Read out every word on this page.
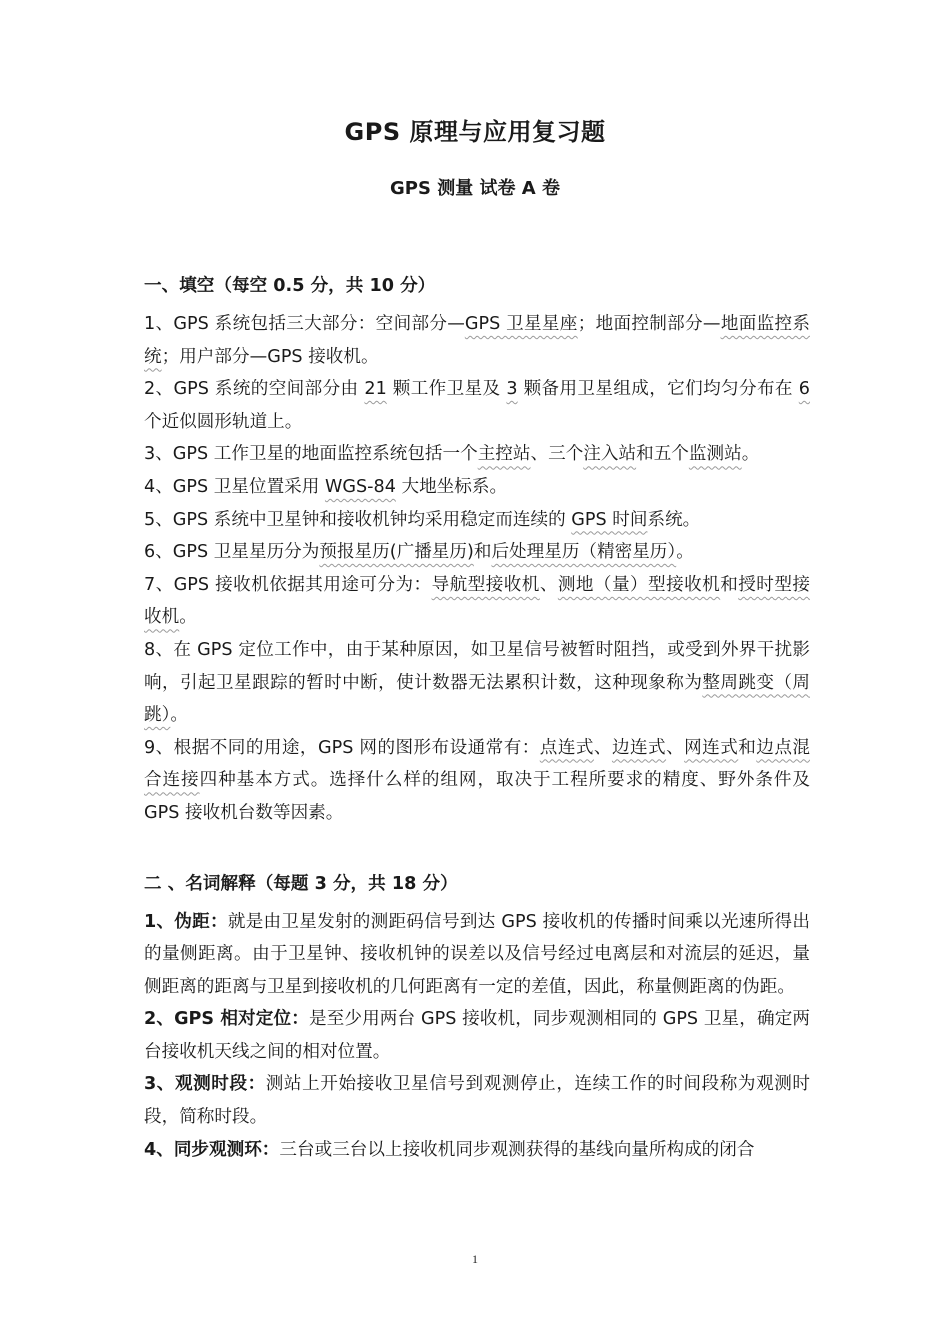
GPS 原理与应用复习题
GPS 测量 试卷 A 卷
一、填空（每空 0.5 分，共 10 分）

1、GPS 系统包括三大部分：空间部分—GPS 卫星星座；地面控制部分—地面监控系统；用户部分—GPS 接收机。

2、GPS 系统的空间部分由 21 颗工作卫星及 3 颗备用卫星组成，它们均匀分布在 6 个近似圆形轨道上。

3、GPS 工作卫星的地面监控系统包括一个主控站、三个注入站和五个监测站。

4、GPS 卫星位置采用 WGS-84 大地坐标系。

5、GPS 系统中卫星钟和接收机钟均采用稳定而连续的 GPS 时间系统。

6、GPS 卫星星历分为预报星历(广播星历)和后处理星历（精密星历）。

7、GPS 接收机依据其用途可分为：导航型接收机、测地（量）型接收机和授时型接收机。

8、在 GPS 定位工作中，由于某种原因，如卫星信号被暂时阻挡，或受到外界干扰影响，引起卫星跟踪的暂时中断，使计数器无法累积计数，这种现象称为整周跳变（周跳）。

9、根据不同的用途，GPS 网的图形布设通常有：点连式、边连式、网连式和边点混合连接四种基本方式。选择什么样的组网，取决于工程所要求的精度、野外条件及 GPS 接收机台数等因素。

二 、名词解释（每题 3 分，共 18 分）

1、伪距：就是由卫星发射的测距码信号到达 GPS 接收机的传播时间乘以光速所得出的量侧距离。由于卫星钟、接收机钟的误差以及信号经过电离层和对流层的延迟，量侧距离的距离与卫星到接收机的几何距离有一定的差值，因此，称量侧距离的伪距。

2、GPS 相对定位：是至少用两台 GPS 接收机，同步观测相同的 GPS 卫星，确定两台接收机天线之间的相对位置。

3、观测时段：测站上开始接收卫星信号到观测停止，连续工作的时间段称为观测时段，简称时段。

4、同步观测环：三台或三台以上接收机同步观测获得的基线向量所构成的闭合

1
